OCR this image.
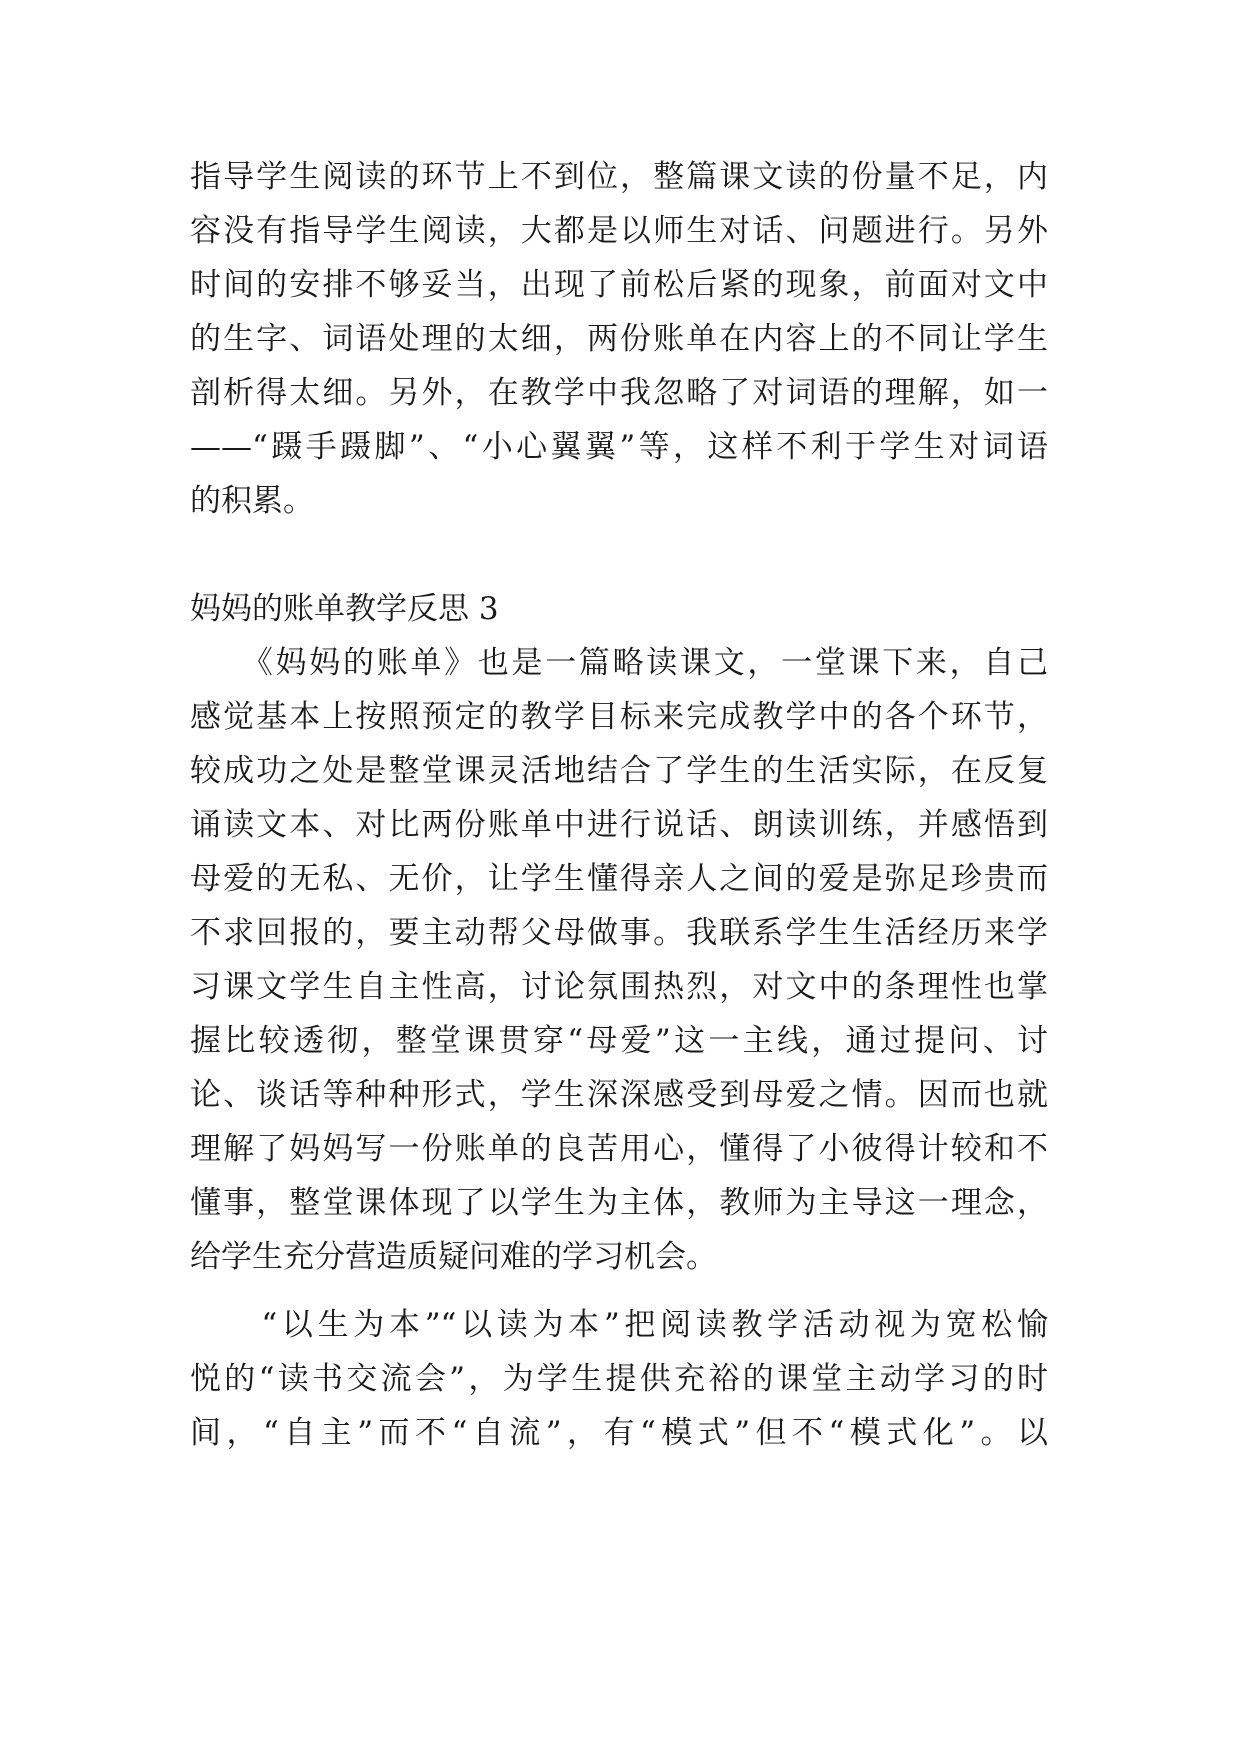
指导学生阅读的环节上不到位，整篇课文读的份量不足，内

容没有指导学生阅读，大都是以师生对话、问题进行。另外

时间的安排不够妥当，出现了前松后紧的现象，前面对文中

的生字、词语处理的太细，两份账单在内容上的不同让学生

剖析得太细。另外，在教学中我忽略了对词语的理解，如一

——“蹑手蹑脚”、“小心翼翼”等，这样不利于学生对词语

的积累。

妈妈的账单教学反思 3

　　《妈妈的账单》也是一篇略读课文，一堂课下来，自己

感觉基本上按照预定的教学目标来完成教学中的各个环节，

较成功之处是整堂课灵活地结合了学生的生活实际，在反复

诵读文本、对比两份账单中进行说话、朗读训练，并感悟到

母爱的无私、无价，让学生懂得亲人之间的爱是弥足珍贵而

不求回报的，要主动帮父母做事。我联系学生生活经历来学

习课文学生自主性高，讨论氛围热烈，对文中的条理性也掌

握比较透彻，整堂课贯穿“母爱”这一主线，通过提问、讨

论、谈话等种种形式，学生深深感受到母爱之情。因而也就

理解了妈妈写一份账单的良苦用心，懂得了小彼得计较和不

懂事，整堂课体现了以学生为主体，教师为主导这一理念，

给学生充分营造质疑问难的学习机会。

　　“以生为本”“以读为本”把阅读教学活动视为宽松愉

悦的“读书交流会”，为学生提供充裕的课堂主动学习的时

间，“自主”而不“自流”，有“模式”但不“模式化”。以
